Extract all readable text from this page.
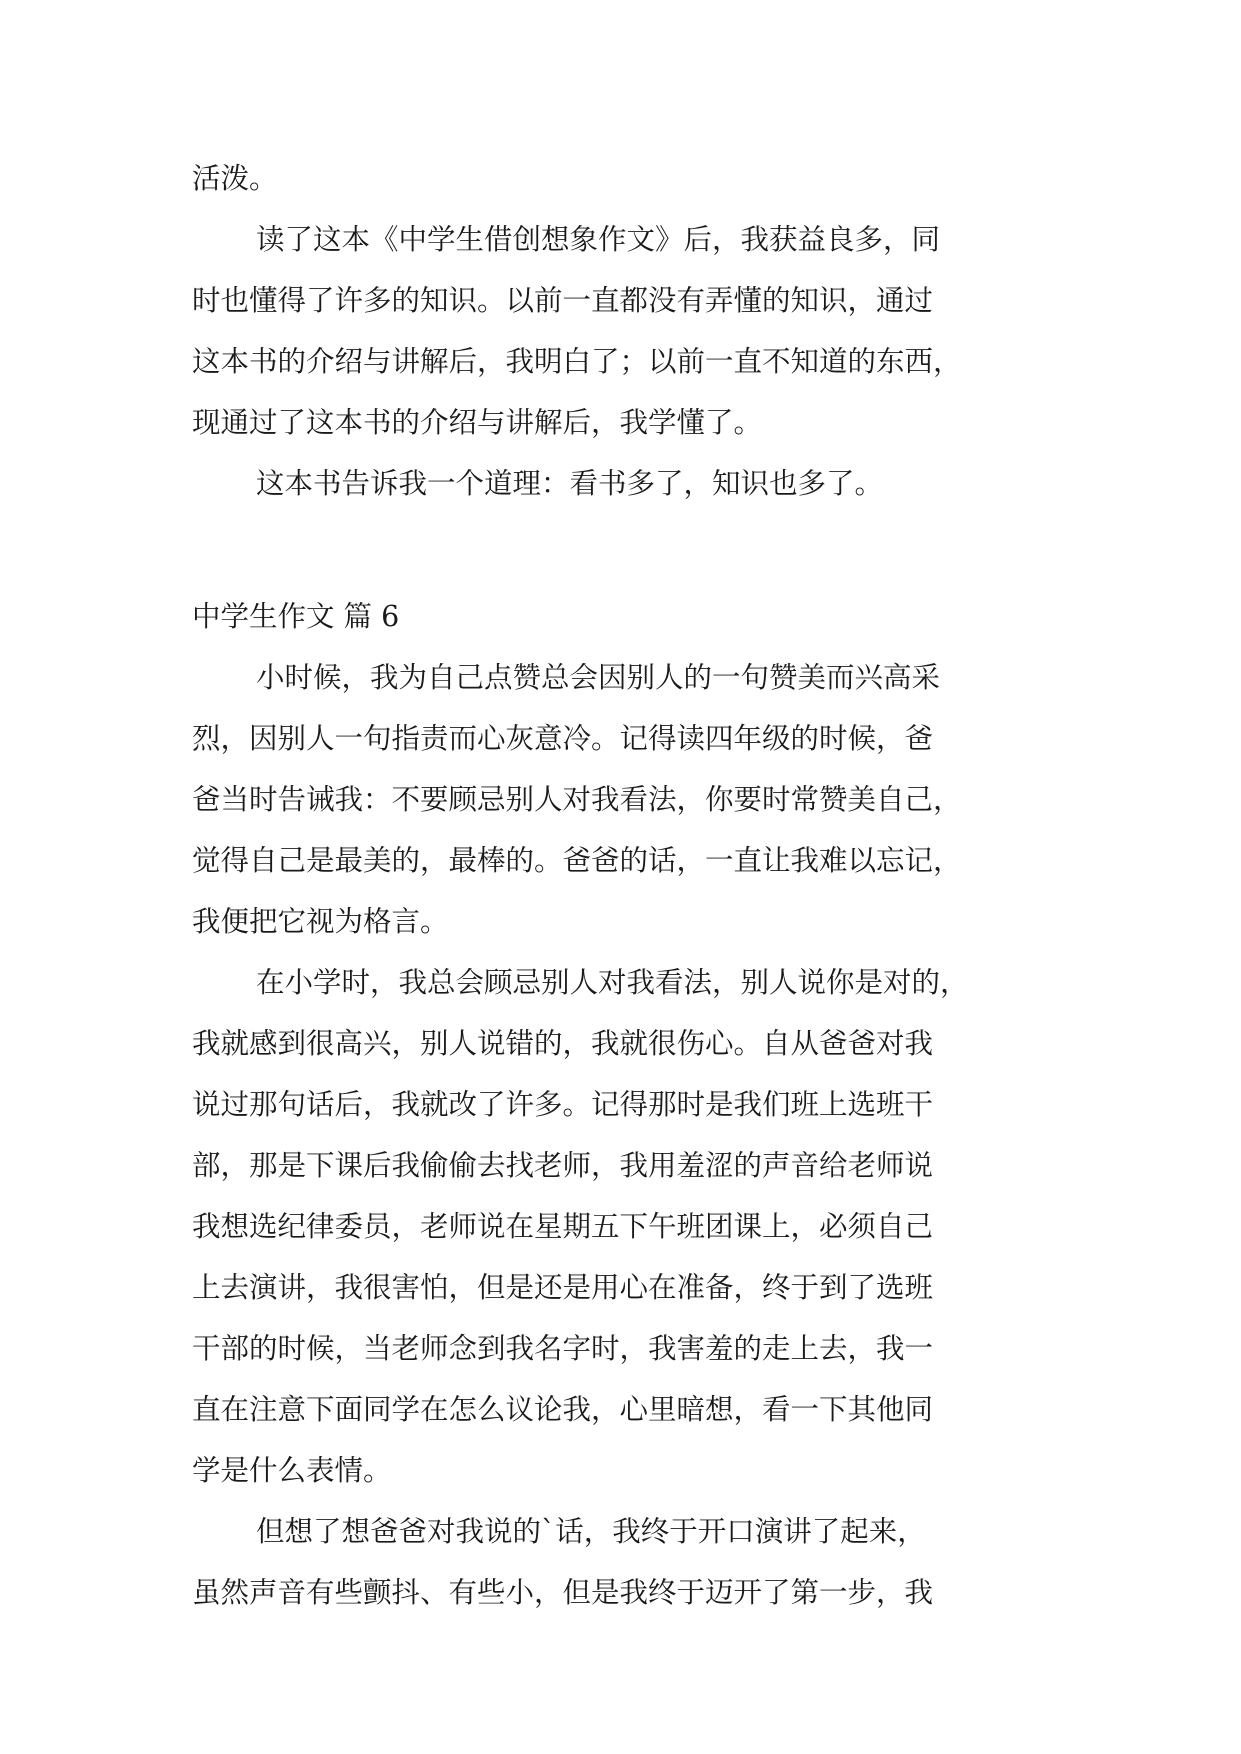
活泼。
读了这本《中学生借创想象作文》后，我获益良多，同
时也懂得了许多的知识。以前一直都没有弄懂的知识，通过
这本书的介绍与讲解后，我明白了；以前一直不知道的东西，
现通过了这本书的介绍与讲解后，我学懂了。
这本书告诉我一个道理：看书多了，知识也多了。
中学生作文 篇 6
小时候，我为自己点赞总会因别人的一句赞美而兴高采
烈，因别人一句指责而心灰意冷。记得读四年级的时候，爸
爸当时告诫我：不要顾忌别人对我看法，你要时常赞美自己，
觉得自己是最美的，最棒的。爸爸的话，一直让我难以忘记，
我便把它视为格言。
在小学时，我总会顾忌别人对我看法，别人说你是对的，
我就感到很高兴，别人说错的，我就很伤心。自从爸爸对我
说过那句话后，我就改了许多。记得那时是我们班上选班干
部，那是下课后我偷偷去找老师，我用羞涩的声音给老师说
我想选纪律委员，老师说在星期五下午班团课上，必须自己
上去演讲，我很害怕，但是还是用心在准备，终于到了选班
干部的时候，当老师念到我名字时，我害羞的走上去，我一
直在注意下面同学在怎么议论我，心里暗想，看一下其他同
学是什么表情。
但想了想爸爸对我说的`话，我终于开口演讲了起来，
虽然声音有些颤抖、有些小，但是我终于迈开了第一步，我
